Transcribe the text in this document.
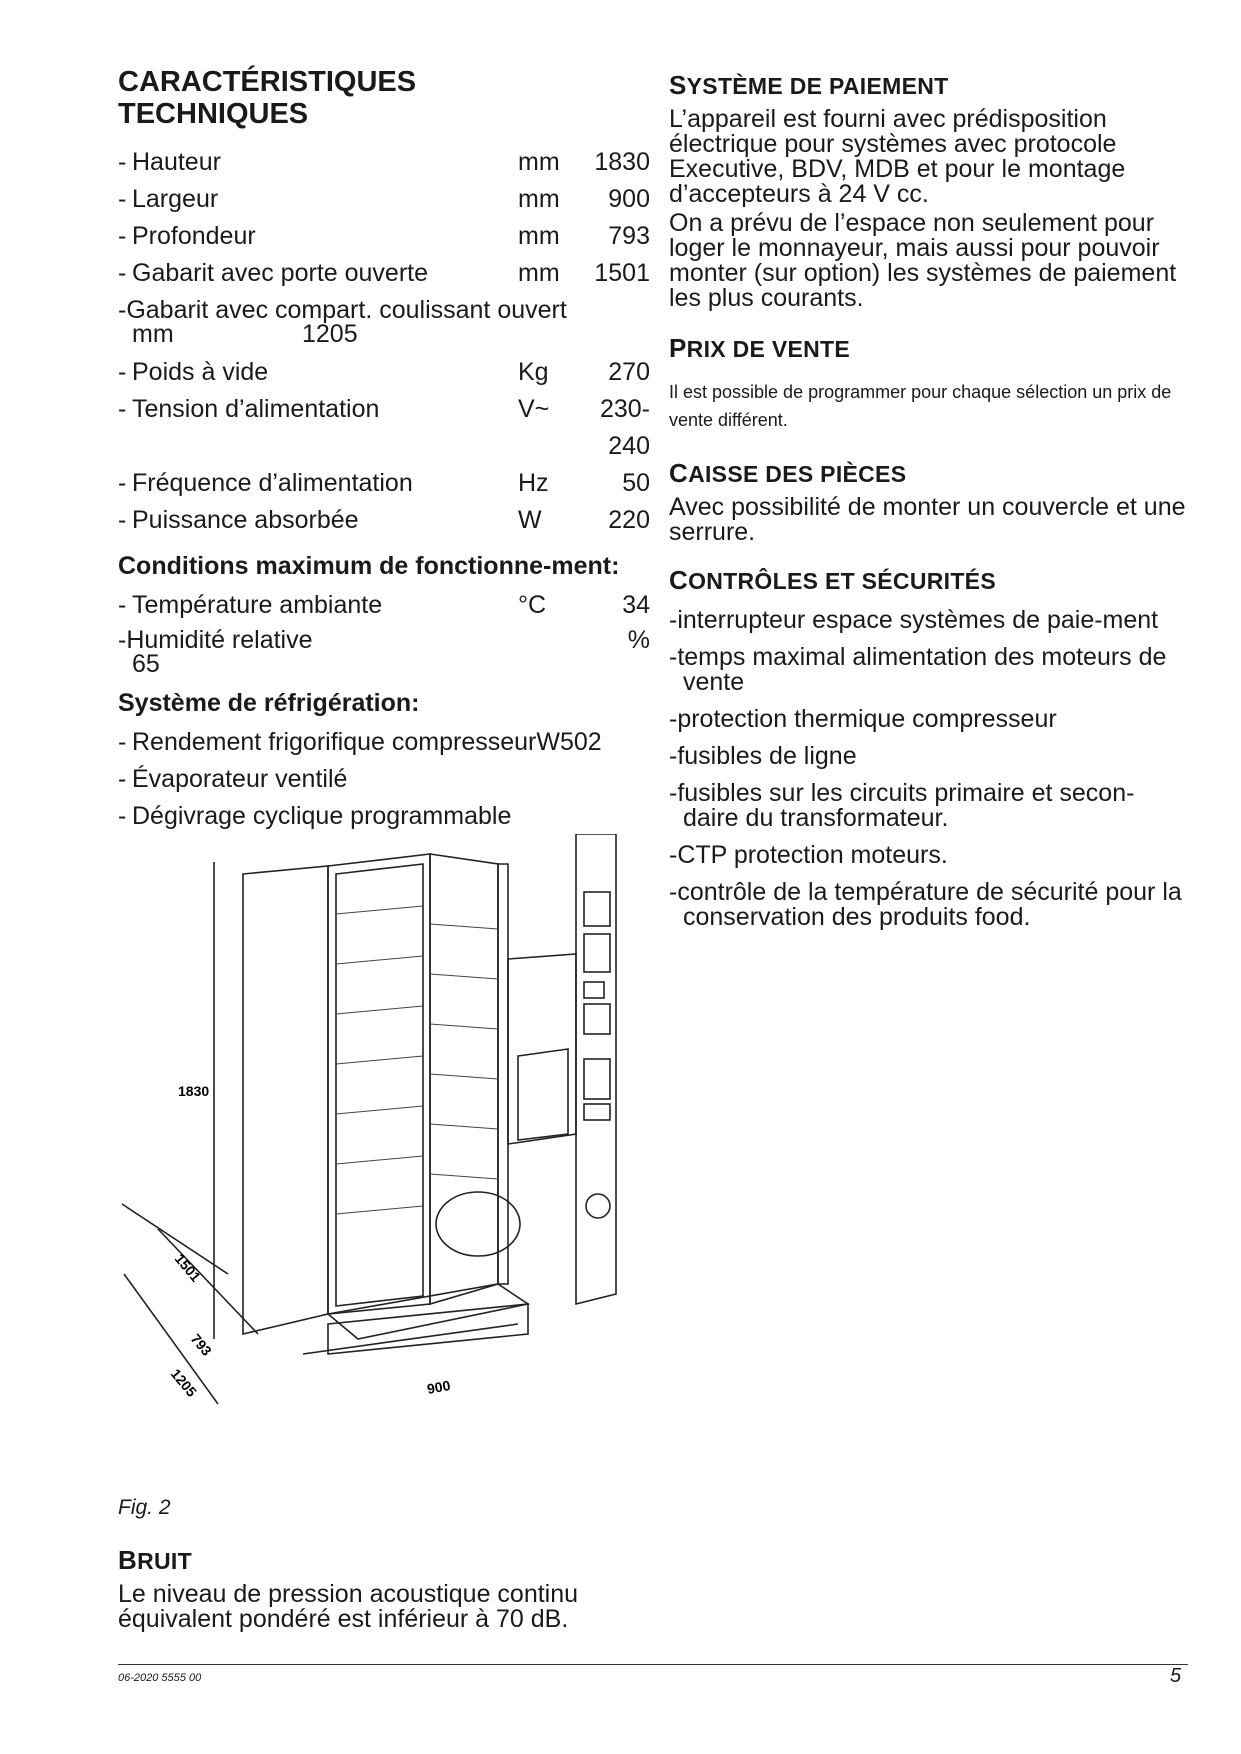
CARACTÉRISTIQUES
TECHNIQUES
- Hauteur	mm	1830
- Largeur	mm	900
- Profondeur	mm	793
- Gabarit avec porte ouverte	mm	1501
-Gabarit avec compart. coulissant ouvert
mm	1205
- Poids à vide	Kg	270
- Tension d’alimentation	V~	230-240
- Fréquence d’alimentation	Hz	50
- Puissance absorbée	W	220
Conditions maximum de fonctionne-ment:
- Température ambiante	°C	34
-Humidité relative	%

65
Système de réfrigération:
- Rendement frigorifique compresseurW502
- Évaporateur ventilé
- Dégivrage cyclique programmable
1830
1501
793
1205	900
Fig. 2
BRUIT

Le niveau de pression acoustique continu équivalent pondéré est inférieur à 70 dB.

SYSTÈME DE PAIEMENT

L’appareil est fourni avec prédisposition électrique pour systèmes avec protocole Executive, BDV, MDB et pour le montage d’accepteurs à 24 V cc.

On a prévu de l’espace non seulement pour loger le monnayeur, mais aussi pour pouvoir monter (sur option) les systèmes de paiement les plus courants.

PRIX DE VENTE

Il est possible de programmer pour chaque sélection un prix de vente différent.

CAISSE DES PIÈCES

Avec possibilité de monter un couvercle et une serrure.

CONTRÔLES ET SÉCURITÉS
-interrupteur espace systèmes de paie-ment
-temps maximal alimentation des moteurs de vente
-protection thermique compresseur
-fusibles de ligne
-fusibles sur les circuits primaire et secon-daire du transformateur.
-CTP protection moteurs.
-contrôle de la température de sécurité pour la conservation des produits food.
06-2020 5555 00	5
